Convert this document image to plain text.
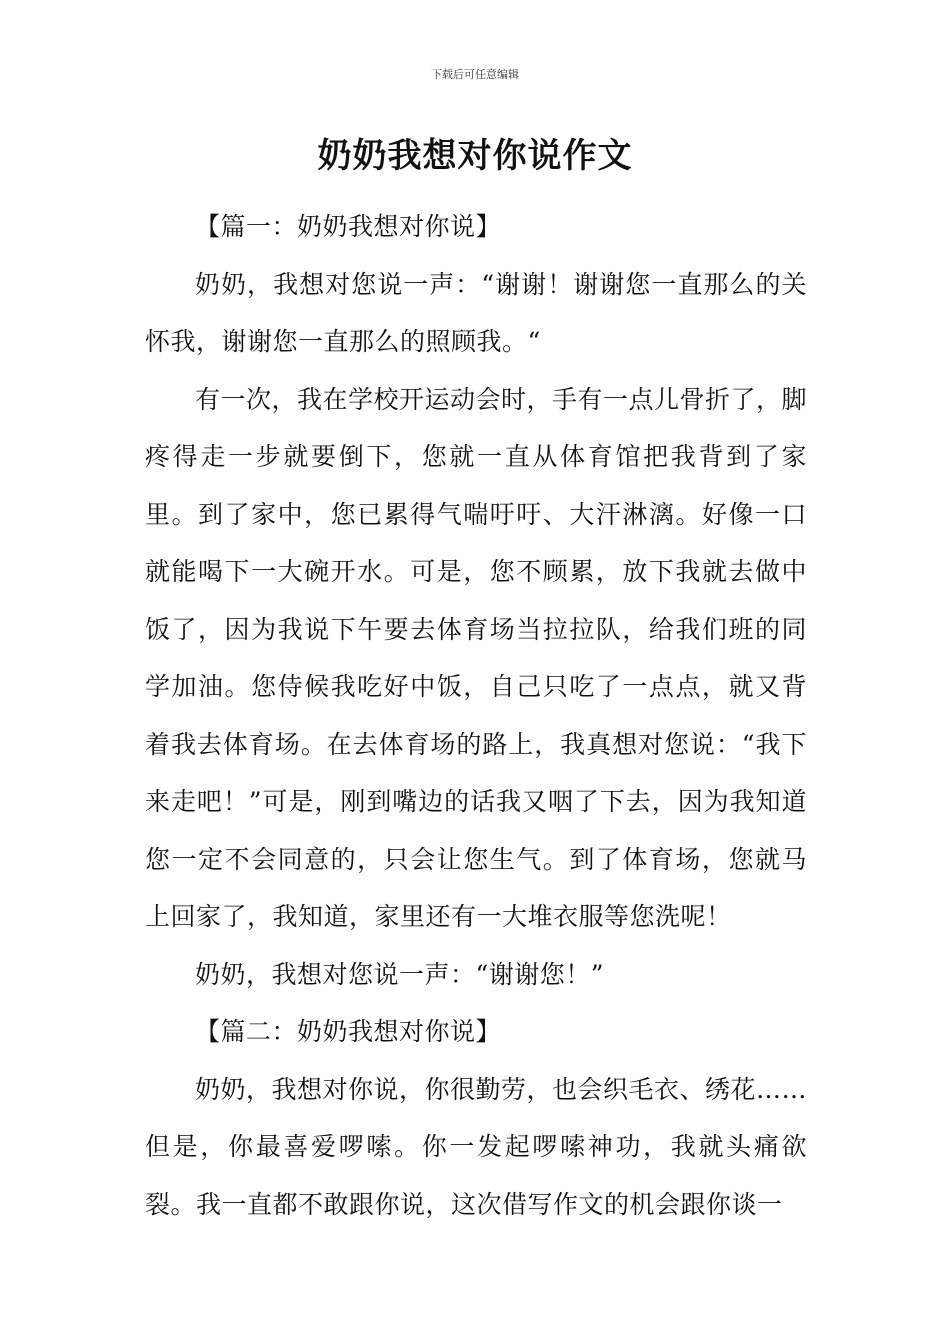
下载后可任意编辑
奶奶我想对你说作文
【篇一：奶奶我想对你说】

奶奶，我想对您说一声：“谢谢！谢谢您一直那么的关怀我，谢谢您一直那么的照顾我。“

有一次，我在学校开运动会时，手有一点儿骨折了，脚疼得走一步就要倒下，您就一直从体育馆把我背到了家里。到了家中，您已累得气喘吁吁、大汗淋漓。好像一口就能喝下一大碗开水。可是，您不顾累，放下我就去做中饭了，因为我说下午要去体育场当拉拉队，给我们班的同学加油。您侍候我吃好中饭，自己只吃了一点点，就又背着我去体育场。在去体育场的路上，我真想对您说：“我下来走吧！”可是，刚到嘴边的话我又咽了下去，因为我知道您一定不会同意的，只会让您生气。到了体育场，您就马上回家了，我知道，家里还有一大堆衣服等您洗呢！

奶奶，我想对您说一声：“谢谢您！”

【篇二：奶奶我想对你说】

奶奶，我想对你说，你很勤劳，也会织毛衣、绣花……但是，你最喜爱啰嗦。你一发起啰嗦神功，我就头痛欲裂。我一直都不敢跟你说，这次借写作文的机会跟你谈一
